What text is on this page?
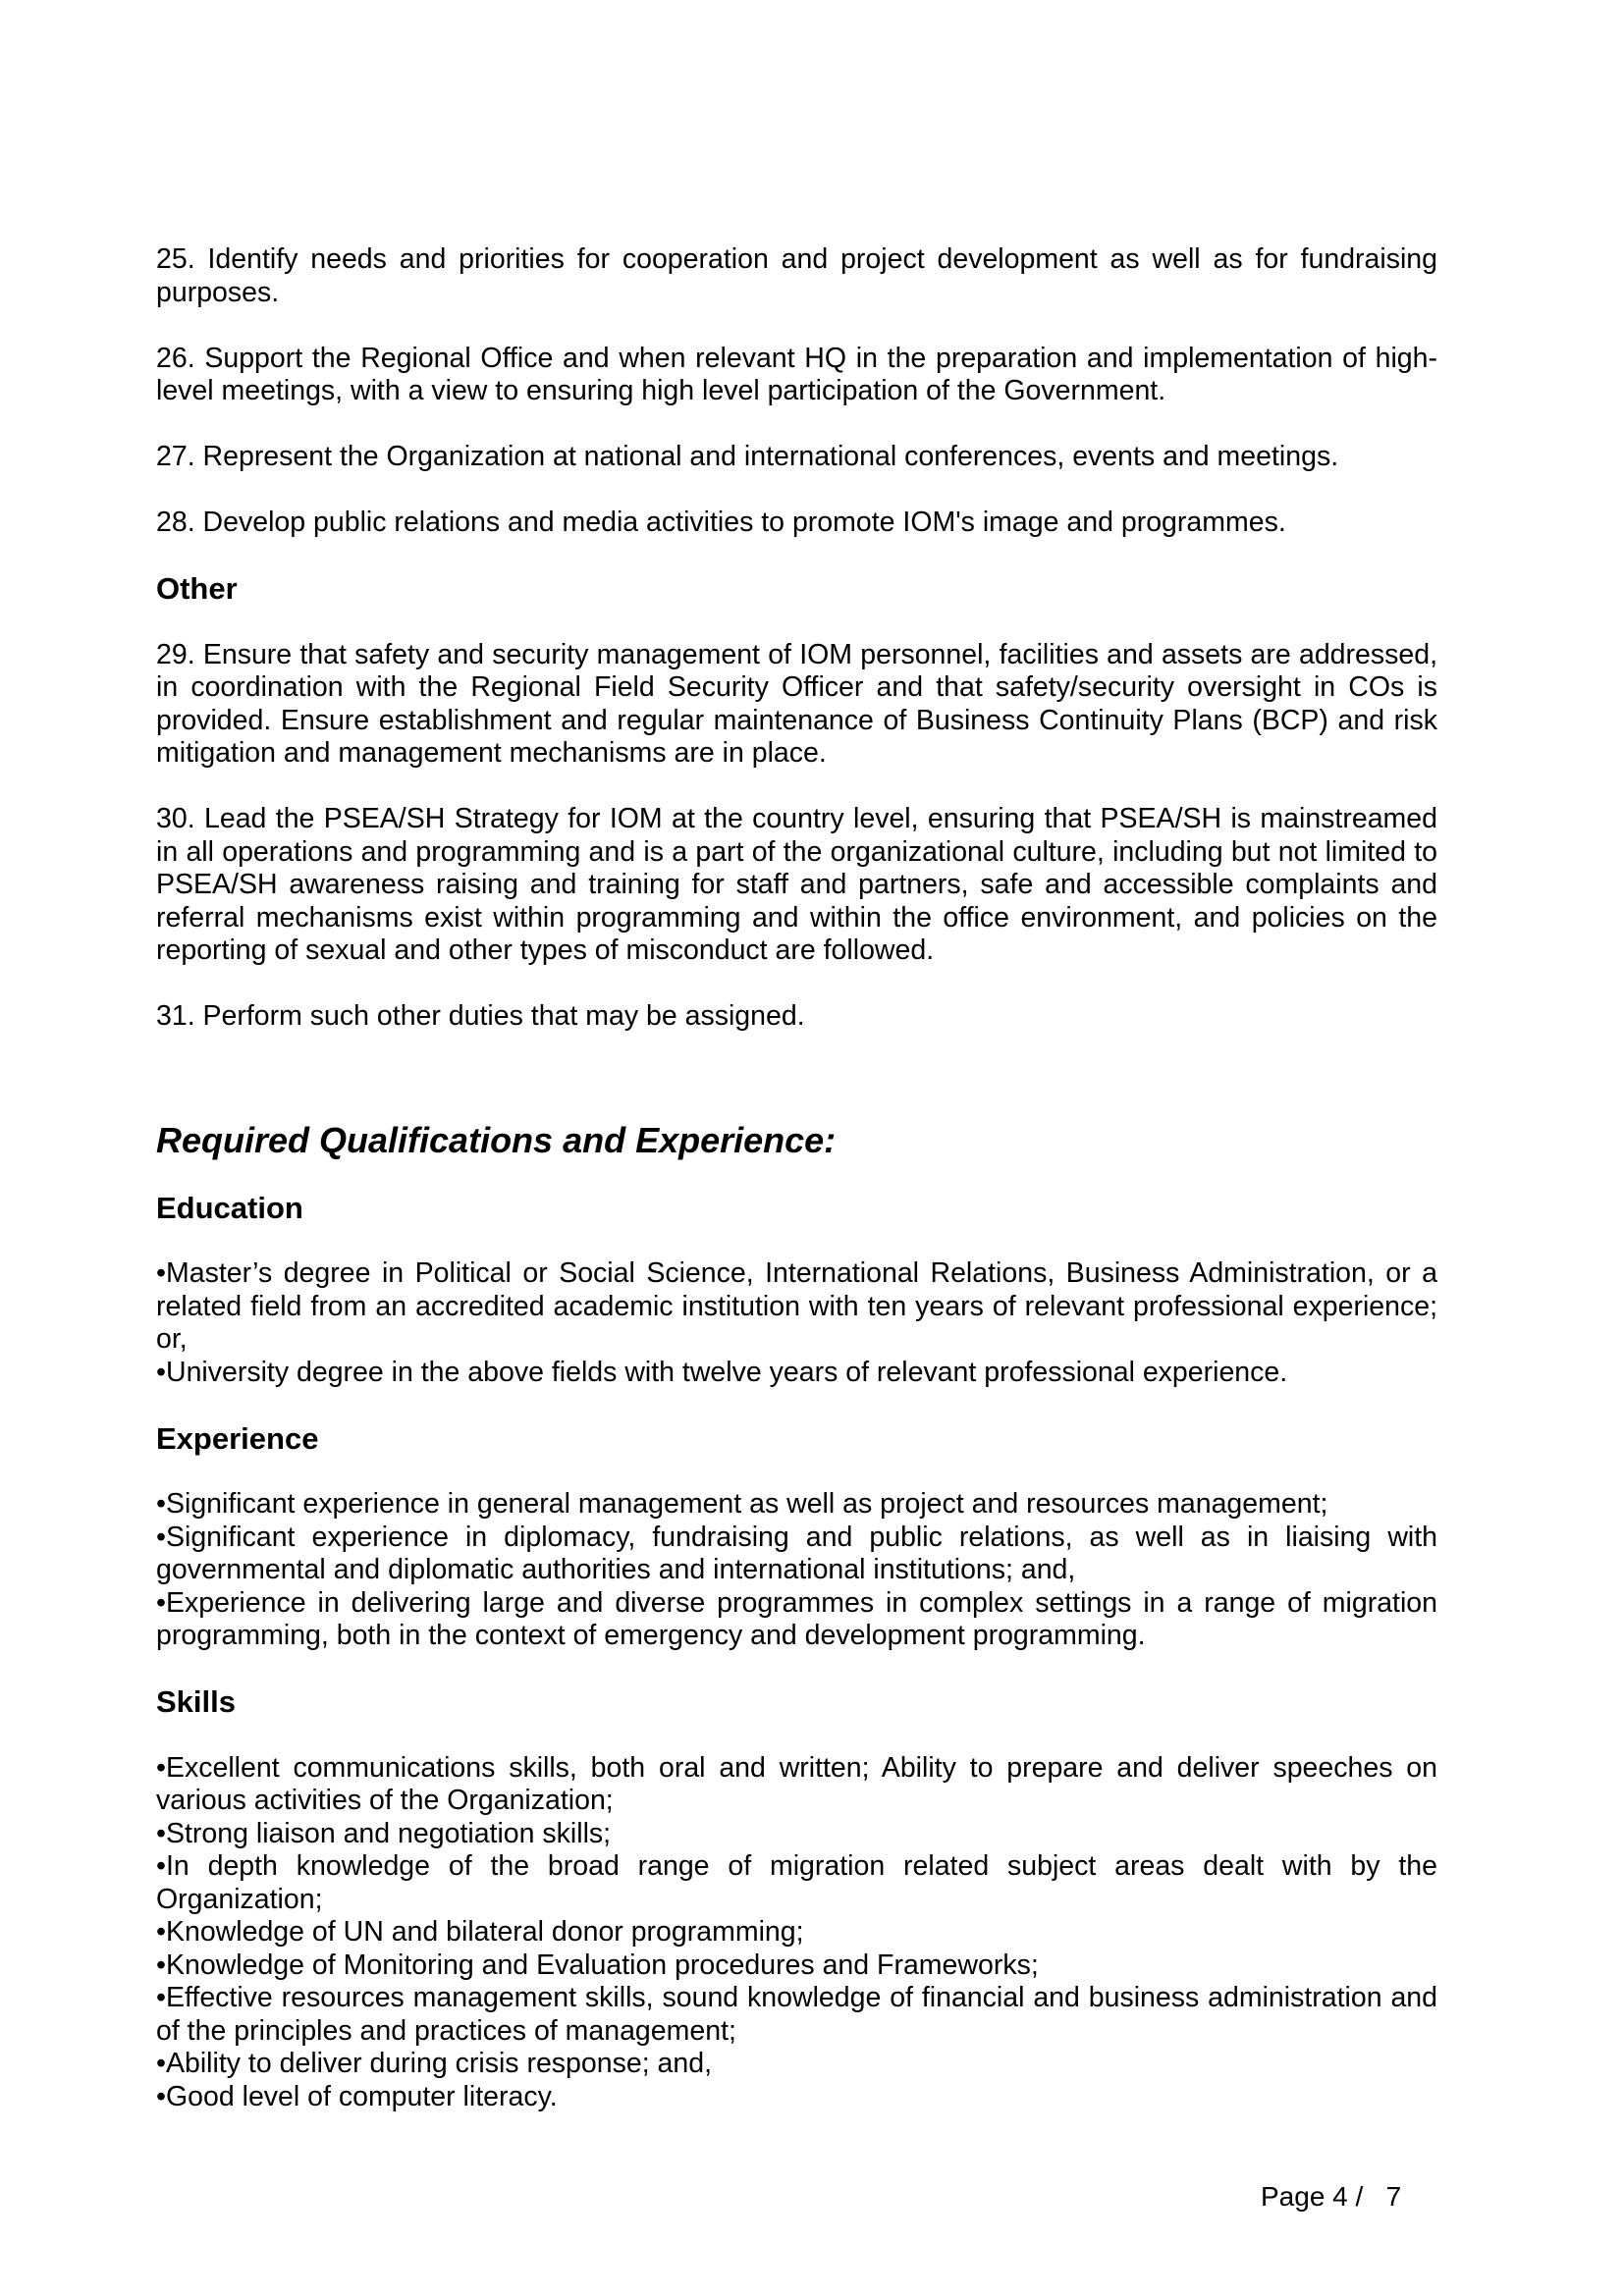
25. Identify needs and priorities for cooperation and project development as well as for fundraising purposes.

26. Support the Regional Office and when relevant HQ in the preparation and implementation of high-level meetings, with a view to ensuring high level participation of the Government.

27. Represent the Organization at national and international conferences, events and meetings.

28. Develop public relations and media activities to promote IOM's image and programmes.

Other

29. Ensure that safety and security management of IOM personnel, facilities and assets are addressed, in coordination with the Regional Field Security Officer and that safety/security oversight in COs is provided. Ensure establishment and regular maintenance of Business Continuity Plans (BCP) and risk mitigation and management mechanisms are in place.

30. Lead the PSEA/SH Strategy for IOM at the country level, ensuring that PSEA/SH is mainstreamed in all operations and programming and is a part of the organizational culture, including but not limited to PSEA/SH awareness raising and training for staff and partners, safe and accessible complaints and referral mechanisms exist within programming and within the office environment, and policies on the reporting of sexual and other types of misconduct are followed.

31. Perform such other duties that may be assigned.

Required Qualifications and Experience:
Education
• Master’s degree in Political or Social Science, International Relations, Business Administration, or a related field from an accredited academic institution with ten years of relevant professional experience; or,
• University degree in the above fields with twelve years of relevant professional experience.
Experience
• Significant experience in general management as well as project and resources management;
• Significant experience in diplomacy, fundraising and public relations, as well as in liaising with governmental and diplomatic authorities and international institutions; and,
• Experience in delivering large and diverse programmes in complex settings in a range of migration programming, both in the context of emergency and development programming.
Skills
• Excellent communications skills, both oral and written; Ability to prepare and deliver speeches on various activities of the Organization;
• Strong liaison and negotiation skills;
• In depth knowledge of the broad range of migration related subject areas dealt with by the Organization;
• Knowledge of UN and bilateral donor programming;
• Knowledge of Monitoring and Evaluation procedures and Frameworks;
• Effective resources management skills, sound knowledge of financial and business administration and of the principles and practices of management;
• Ability to deliver during crisis response; and,
• Good level of computer literacy.
Page 4 /   7
